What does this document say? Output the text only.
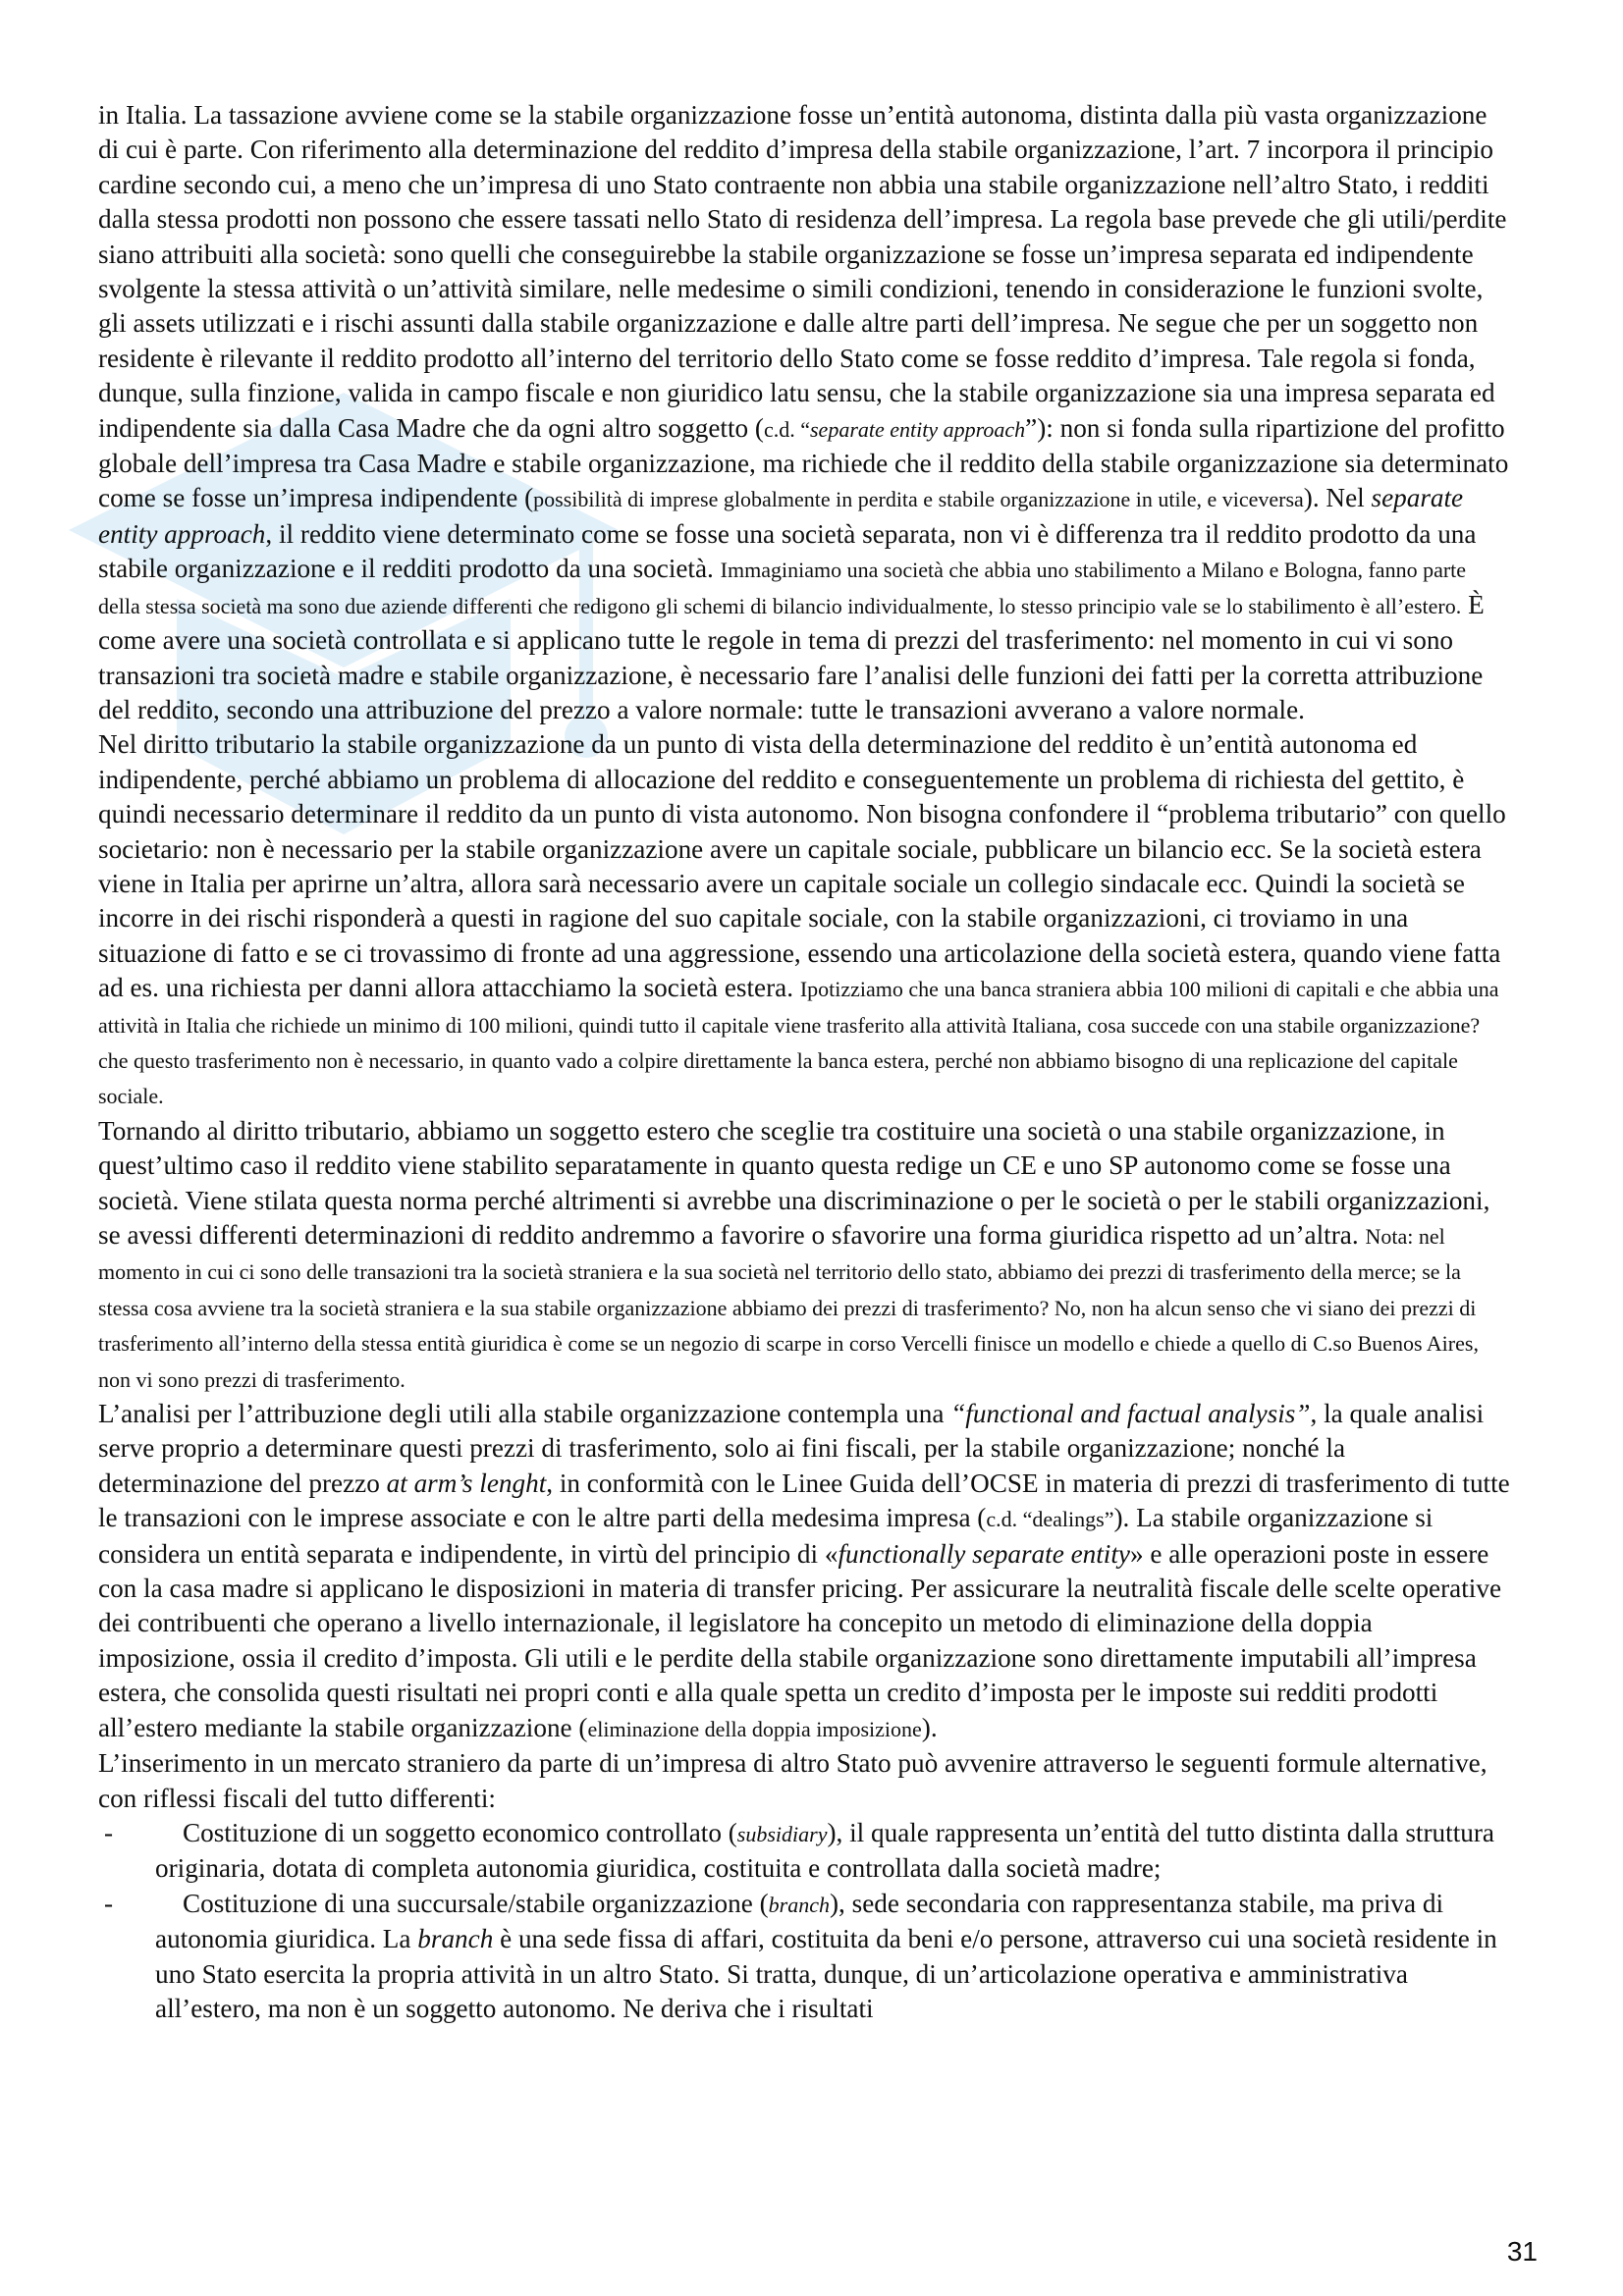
in Italia. La tassazione avviene come se la stabile organizzazione fosse un’entità autonoma, distinta dalla più vasta organizzazione di cui è parte. Con riferimento alla determinazione del reddito d’impresa della stabile organizzazione, l’art. 7 incorpora il principio cardine secondo cui, a meno che un’impresa di uno Stato contraente non abbia una stabile organizzazione nell’altro Stato, i redditi dalla stessa prodotti non possono che essere tassati nello Stato di residenza dell’impresa. La regola base prevede che gli utili/perdite siano attribuiti alla società: sono quelli che conseguirebbe la stabile organizzazione se fosse un’impresa separata ed indipendente svolgente la stessa attività o un’attività similare, nelle medesime o simili condizioni, tenendo in considerazione le funzioni svolte, gli assets utilizzati e i rischi assunti dalla stabile organizzazione e dalle altre parti dell’impresa. Ne segue che per un soggetto non residente è rilevante il reddito prodotto all’interno del territorio dello Stato come se fosse reddito d’impresa. Tale regola si fonda, dunque, sulla finzione, valida in campo fiscale e non giuridico latu sensu, che la stabile organizzazione sia una impresa separata ed indipendente sia dalla Casa Madre che da ogni altro soggetto (c.d. “separate entity approach”): non si fonda sulla ripartizione del profitto globale dell’impresa tra Casa Madre e stabile organizzazione, ma richiede che il reddito della stabile organizzazione sia determinato come se fosse un’impresa indipendente (possibilità di imprese globalmente in perdita e stabile organizzazione in utile, e viceversa). Nel separate entity approach, il reddito viene determinato come se fosse una società separata, non vi è differenza tra il reddito prodotto da una stabile organizzazione e il redditi prodotto da una società. Immaginiamo una società che abbia uno stabilimento a Milano e Bologna, fanno parte della stessa società ma sono due aziende differenti che redigono gli schemi di bilancio individualmente, lo stesso principio vale se lo stabilimento è all’estero. È come avere una società controllata e si applicano tutte le regole in tema di prezzi del trasferimento: nel momento in cui vi sono transazioni tra società madre e stabile organizzazione, è necessario fare l’analisi delle funzioni dei fatti per la corretta attribuzione del reddito, secondo una attribuzione del prezzo a valore normale: tutte le transazioni avverano a valore normale.

Nel diritto tributario la stabile organizzazione da un punto di vista della determinazione del reddito è un’entità autonoma ed indipendente, perché abbiamo un problema di allocazione del reddito e conseguentemente un problema di richiesta del gettito, è quindi necessario determinare il reddito da un punto di vista autonomo. Non bisogna confondere il “problema tributario” con quello societario: non è necessario per la stabile organizzazione avere un capitale sociale, pubblicare un bilancio ecc. Se la società estera viene in Italia per aprirne un’altra, allora sarà necessario avere un capitale sociale un collegio sindacale ecc. Quindi la società se incorre in dei rischi risponderà a questi in ragione del suo capitale sociale, con la stabile organizzazioni, ci troviamo in una situazione di fatto e se ci trovassimo di fronte ad una aggressione, essendo una articolazione della società estera, quando viene fatta ad es. una richiesta per danni allora attacchiamo la società estera. Ipotizziamo che una banca straniera abbia 100 milioni di capitali e che abbia una attività in Italia che richiede un minimo di 100 milioni, quindi tutto il capitale viene trasferito alla attività Italiana, cosa succede con una stabile organizzazione? che questo trasferimento non è necessario, in quanto vado a colpire direttamente la banca estera, perché non abbiamo bisogno di una replicazione del capitale sociale.

Tornando al diritto tributario, abbiamo un soggetto estero che sceglie tra costituire una società o una stabile organizzazione, in quest’ultimo caso il reddito viene stabilito separatamente in quanto questa redige un CE e uno SP autonomo come se fosse una società. Viene stilata questa norma perché altrimenti si avrebbe una discriminazione o per le società o per le stabili organizzazioni, se avessi differenti determinazioni di reddito andremmo a favorire o sfavorire una forma giuridica rispetto ad un’altra. Nota: nel momento in cui ci sono delle transazioni tra la società straniera e la sua società nel territorio dello stato, abbiamo dei prezzi di trasferimento della merce; se la stessa cosa avviene tra la società straniera e la sua stabile organizzazione abbiamo dei prezzi di trasferimento? No, non ha alcun senso che vi siano dei prezzi di trasferimento all’interno della stessa entità giuridica è come se un negozio di scarpe in corso Vercelli finisce un modello e chiede a quello di C.so Buenos Aires, non vi sono prezzi di trasferimento.

L’analisi per l’attribuzione degli utili alla stabile organizzazione contempla una “functional and factual analysis”, la quale analisi serve proprio a determinare questi prezzi di trasferimento, solo ai fini fiscali, per la stabile organizzazione; nonché la determinazione del prezzo at arm’s lenght, in conformità con le Linee Guida dell’OCSE in materia di prezzi di trasferimento di tutte le transazioni con le imprese associate e con le altre parti della medesima impresa (c.d. “dealings”). La stabile organizzazione si considera un entità separata e indipendente, in virtù del principio di «functionally separate entity» e alle operazioni poste in essere con la casa madre si applicano le disposizioni in materia di transfer pricing. Per assicurare la neutralità fiscale delle scelte operative dei contribuenti che operano a livello internazionale, il legislatore ha concepito un metodo di eliminazione della doppia imposizione, ossia il credito d’imposta. Gli utili e le perdite della stabile organizzazione sono direttamente imputabili all’impresa estera, che consolida questi risultati nei propri conti e alla quale spetta un credito d’imposta per le imposte sui redditi prodotti all’estero mediante la stabile organizzazione (eliminazione della doppia imposizione).

L’inserimento in un mercato straniero da parte di un’impresa di altro Stato può avvenire attraverso le seguenti formule alternative, con riflessi fiscali del tutto differenti:

-	Costituzione di un soggetto economico controllato (subsidiary), il quale rappresenta un’entità del tutto distinta dalla struttura originaria, dotata di completa autonomia giuridica, costituita e controllata dalla società madre;
-	Costituzione di una succursale/stabile organizzazione (branch), sede secondaria con rappresentanza stabile, ma priva di autonomia giuridica. La branch è una sede fissa di affari, costituita da beni e/o persone, attraverso cui una società residente in uno Stato esercita la propria attività in un altro Stato. Si tratta, dunque, di un’articolazione operativa e amministrativa all’estero, ma non è un soggetto autonomo. Ne deriva che i risultati
31
